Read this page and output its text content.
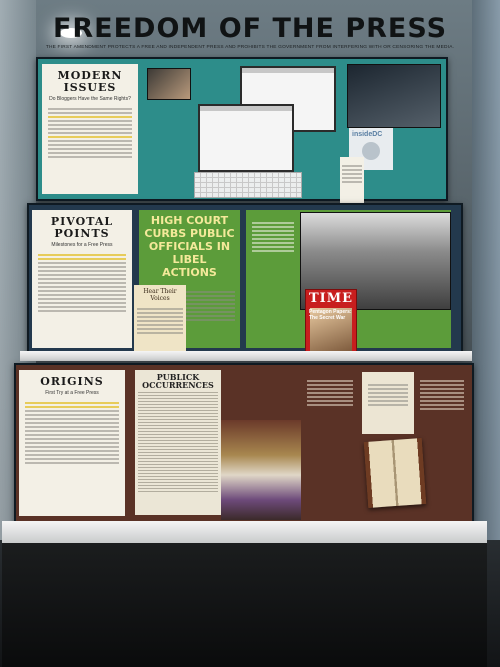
FREEDOM OF THE PRESS
THE FIRST AMENDMENT PROTECTS A FREE AND INDEPENDENT PRESS AND PROHIBITS THE GOVERNMENT FROM INTERFERING WITH OR CENSORING THE MEDIA.
MODERN ISSUES
Do Bloggers Have the Same Rights?
insideDC
PIVOTAL POINTS
Milestones for a Free Press
HIGH COURT CURBS PUBLIC OFFICIALS IN LIBEL ACTIONS
Hear Their Voices	TIME
Pentagon Papers: The Secret War
ORIGINS
First Try at a Free Press
PUBLICK OCCURRENCES
